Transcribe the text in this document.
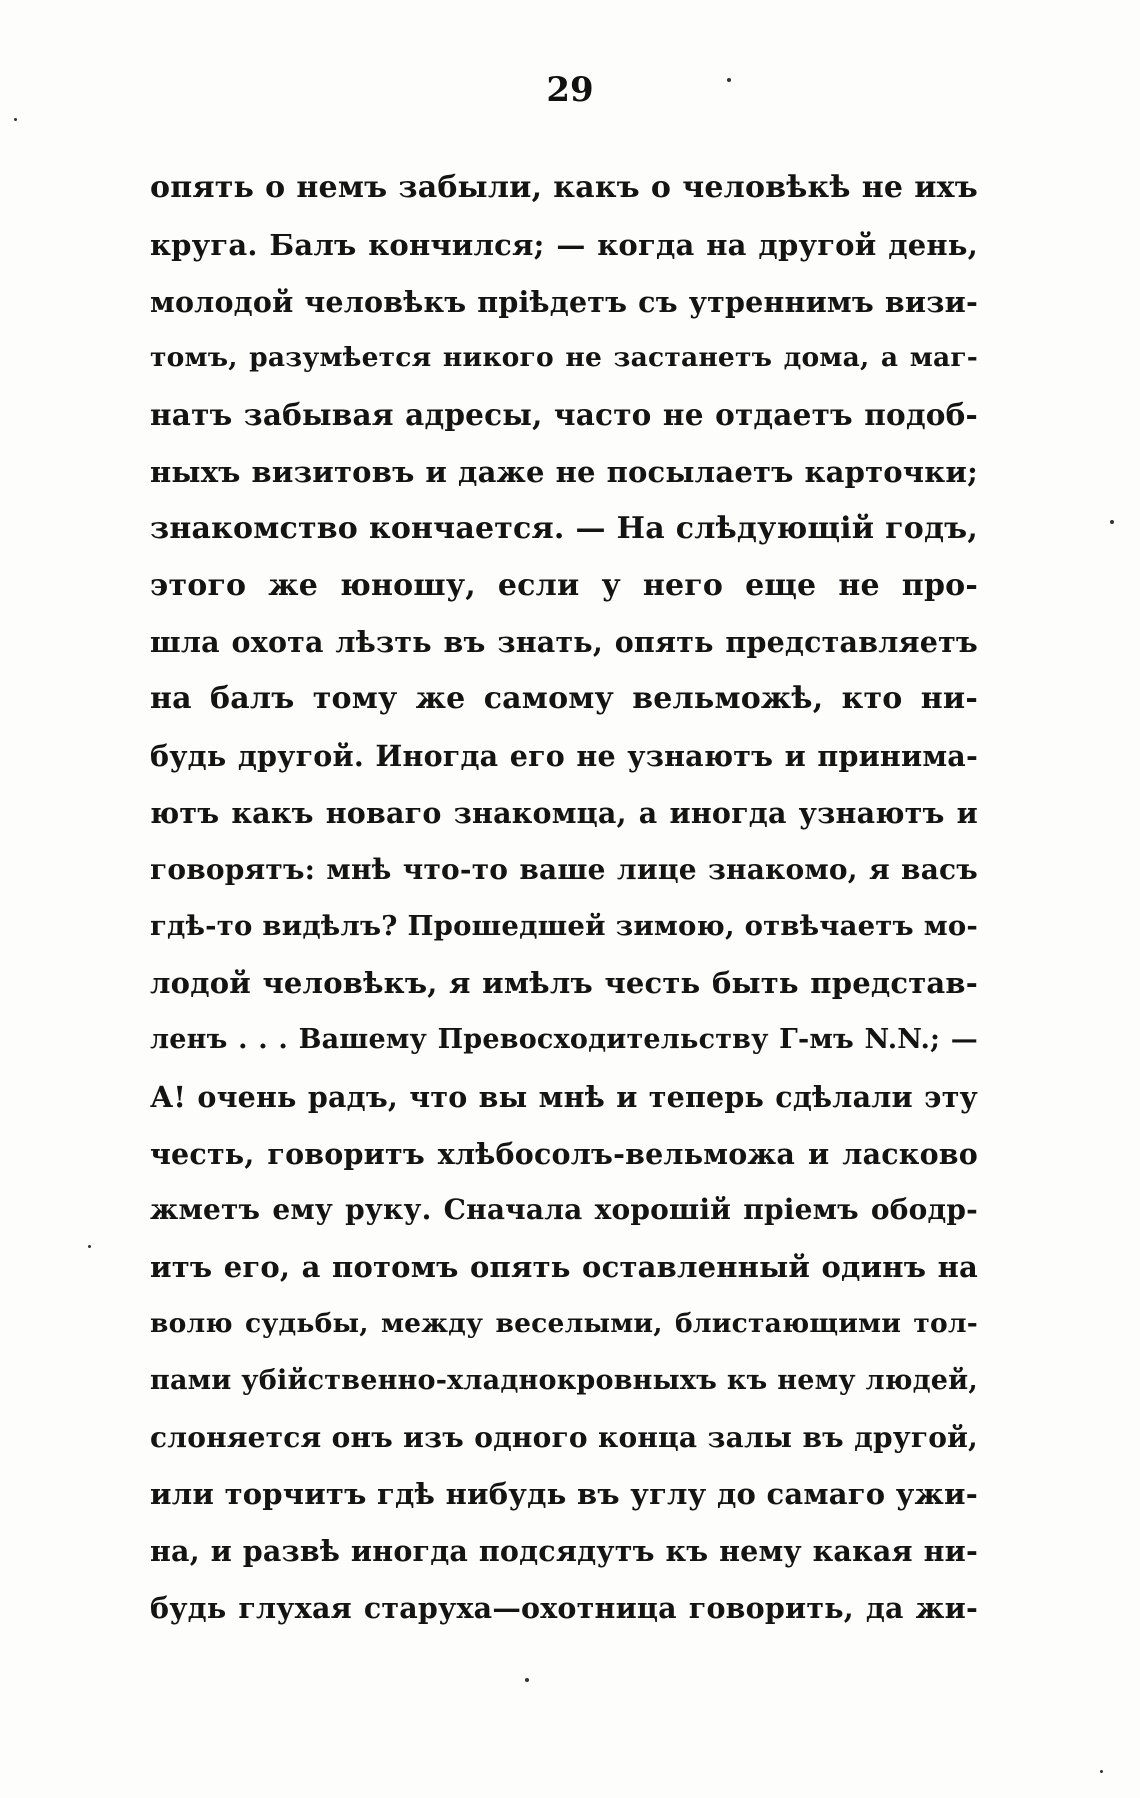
29
опять о немъ забыли, какъ о человѣкѣ не ихъ
круга. Балъ кончился; — когда на другой день,
молодой человѣкъ пріѣдетъ съ утреннимъ визи-
томъ, разумѣется никого не застанетъ дома, а маг-
натъ забывая адресы, часто не отдаетъ подоб-
ныхъ визитовъ и даже не посылаетъ карточки;
знакомство кончается. — На слѣдующій годъ,
этого же юношу, если у него еще не про-
шла охота лѣзть въ знать, опять представляетъ
на балъ тому же самому вельможѣ, кто ни-
будь другой. Иногда его не узнаютъ и принима-
ютъ какъ новаго знакомца, а иногда узнаютъ и
говорятъ: мнѣ что-то ваше лице знакомо, я васъ
гдѣ-то видѣлъ? Прошедшей зимою, отвѣчаетъ мо-
лодой человѣкъ, я имѣлъ честь быть представ-
ленъ . . . Вашему Превосходительству Г-мъ N.N.; —
А! очень радъ, что вы мнѣ и теперь сдѣлали эту
честь, говоритъ хлѣбосолъ-вельможа и ласково
жметъ ему руку. Сначала хорошій пріемъ ободр-
итъ его, а потомъ опять оставленный одинъ на
волю судьбы, между веселыми, блистающими тол-
пами убійственно-хладнокровныхъ къ нему людей,
слоняется онъ изъ одного конца залы въ другой,
или торчитъ гдѣ нибудь въ углу до самаго ужи-
на, и развѣ иногда подсядутъ къ нему какая ни-
будь глухая старуха—охотница говорить, да жи-
